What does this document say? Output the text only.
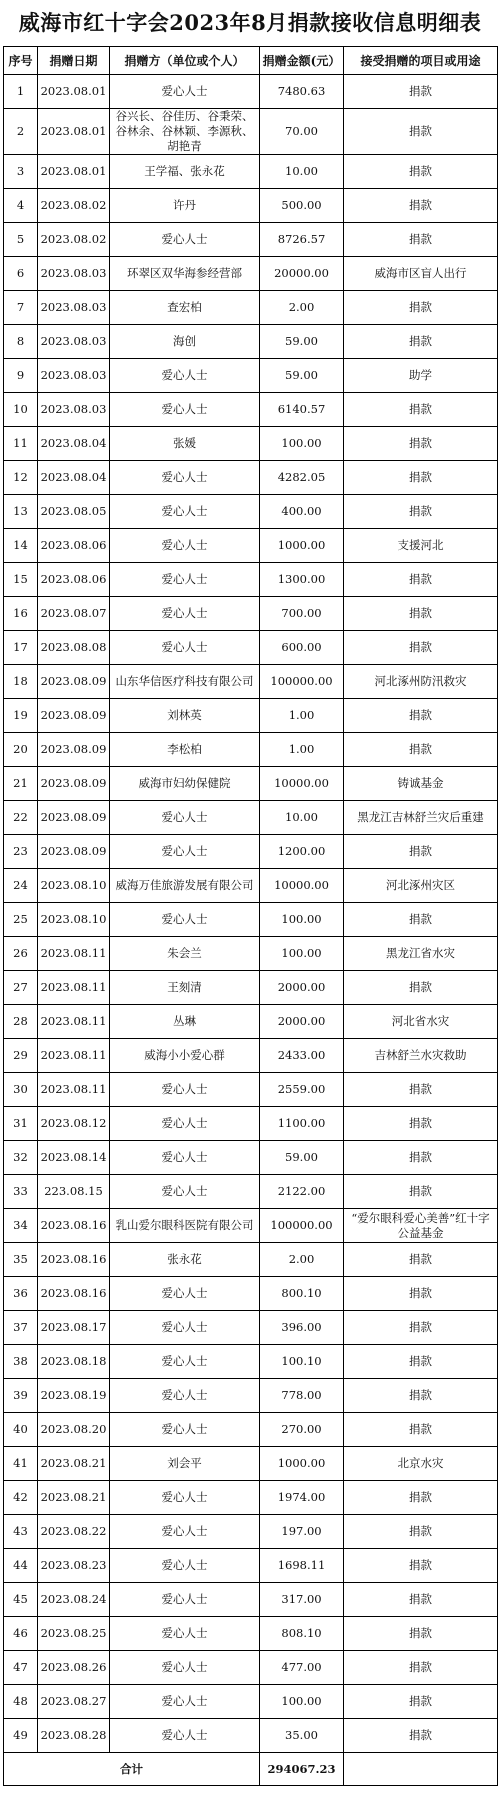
威海市红十字会2023年8月捐款接收信息明细表
序号	捐赠日期	捐赠方（单位或个人）	捐赠金额(元）	接受捐赠的项目或用途
1	2023.08.01	爱心人士	7480.63	捐款
2	2023.08.01	谷兴长、谷佳历、谷秉荣、谷林余、谷林颖、李源秋、胡艳青	70.00	捐款
3	2023.08.01	王学福、张永花	10.00	捐款
4	2023.08.02	许丹	500.00	捐款
5	2023.08.02	爱心人士	8726.57	捐款
6	2023.08.03	环翠区双华海参经营部	20000.00	威海市区盲人出行
7	2023.08.03	查宏柏	2.00	捐款
8	2023.08.03	海创	59.00	捐款
9	2023.08.03	爱心人士	59.00	助学
10	2023.08.03	爱心人士	6140.57	捐款
11	2023.08.04	张媛	100.00	捐款
12	2023.08.04	爱心人士	4282.05	捐款
13	2023.08.05	爱心人士	400.00	捐款
14	2023.08.06	爱心人士	1000.00	支援河北
15	2023.08.06	爱心人士	1300.00	捐款
16	2023.08.07	爱心人士	700.00	捐款
17	2023.08.08	爱心人士	600.00	捐款
18	2023.08.09	山东华信医疗科技有限公司	100000.00	河北涿州防汛救灾
19	2023.08.09	刘林英	1.00	捐款
20	2023.08.09	李松柏	1.00	捐款
21	2023.08.09	威海市妇幼保健院	10000.00	铸诚基金
22	2023.08.09	爱心人士	10.00	黑龙江吉林舒兰灾后重建
23	2023.08.09	爱心人士	1200.00	捐款
24	2023.08.10	威海万佳旅游发展有限公司	10000.00	河北涿州灾区
25	2023.08.10	爱心人士	100.00	捐款
26	2023.08.11	朱会兰	100.00	黑龙江省水灾
27	2023.08.11	王刻清	2000.00	捐款
28	2023.08.11	丛琳	2000.00	河北省水灾
29	2023.08.11	威海小小爱心群	2433.00	吉林舒兰水灾救助
30	2023.08.11	爱心人士	2559.00	捐款
31	2023.08.12	爱心人士	1100.00	捐款
32	2023.08.14	爱心人士	59.00	捐款
33	223.08.15	爱心人士	2122.00	捐款
34	2023.08.16	乳山爱尔眼科医院有限公司	100000.00	“爱尔眼科爱心美善”红十字公益基金
35	2023.08.16	张永花	2.00	捐款
36	2023.08.16	爱心人士	800.10	捐款
37	2023.08.17	爱心人士	396.00	捐款
38	2023.08.18	爱心人士	100.10	捐款
39	2023.08.19	爱心人士	778.00	捐款
40	2023.08.20	爱心人士	270.00	捐款
41	2023.08.21	刘会平	1000.00	北京水灾
42	2023.08.21	爱心人士	1974.00	捐款
43	2023.08.22	爱心人士	197.00	捐款
44	2023.08.23	爱心人士	1698.11	捐款
45	2023.08.24	爱心人士	317.00	捐款
46	2023.08.25	爱心人士	808.10	捐款
47	2023.08.26	爱心人士	477.00	捐款
48	2023.08.27	爱心人士	100.00	捐款
49	2023.08.28	爱心人士	35.00	捐款
合计			294067.23	
